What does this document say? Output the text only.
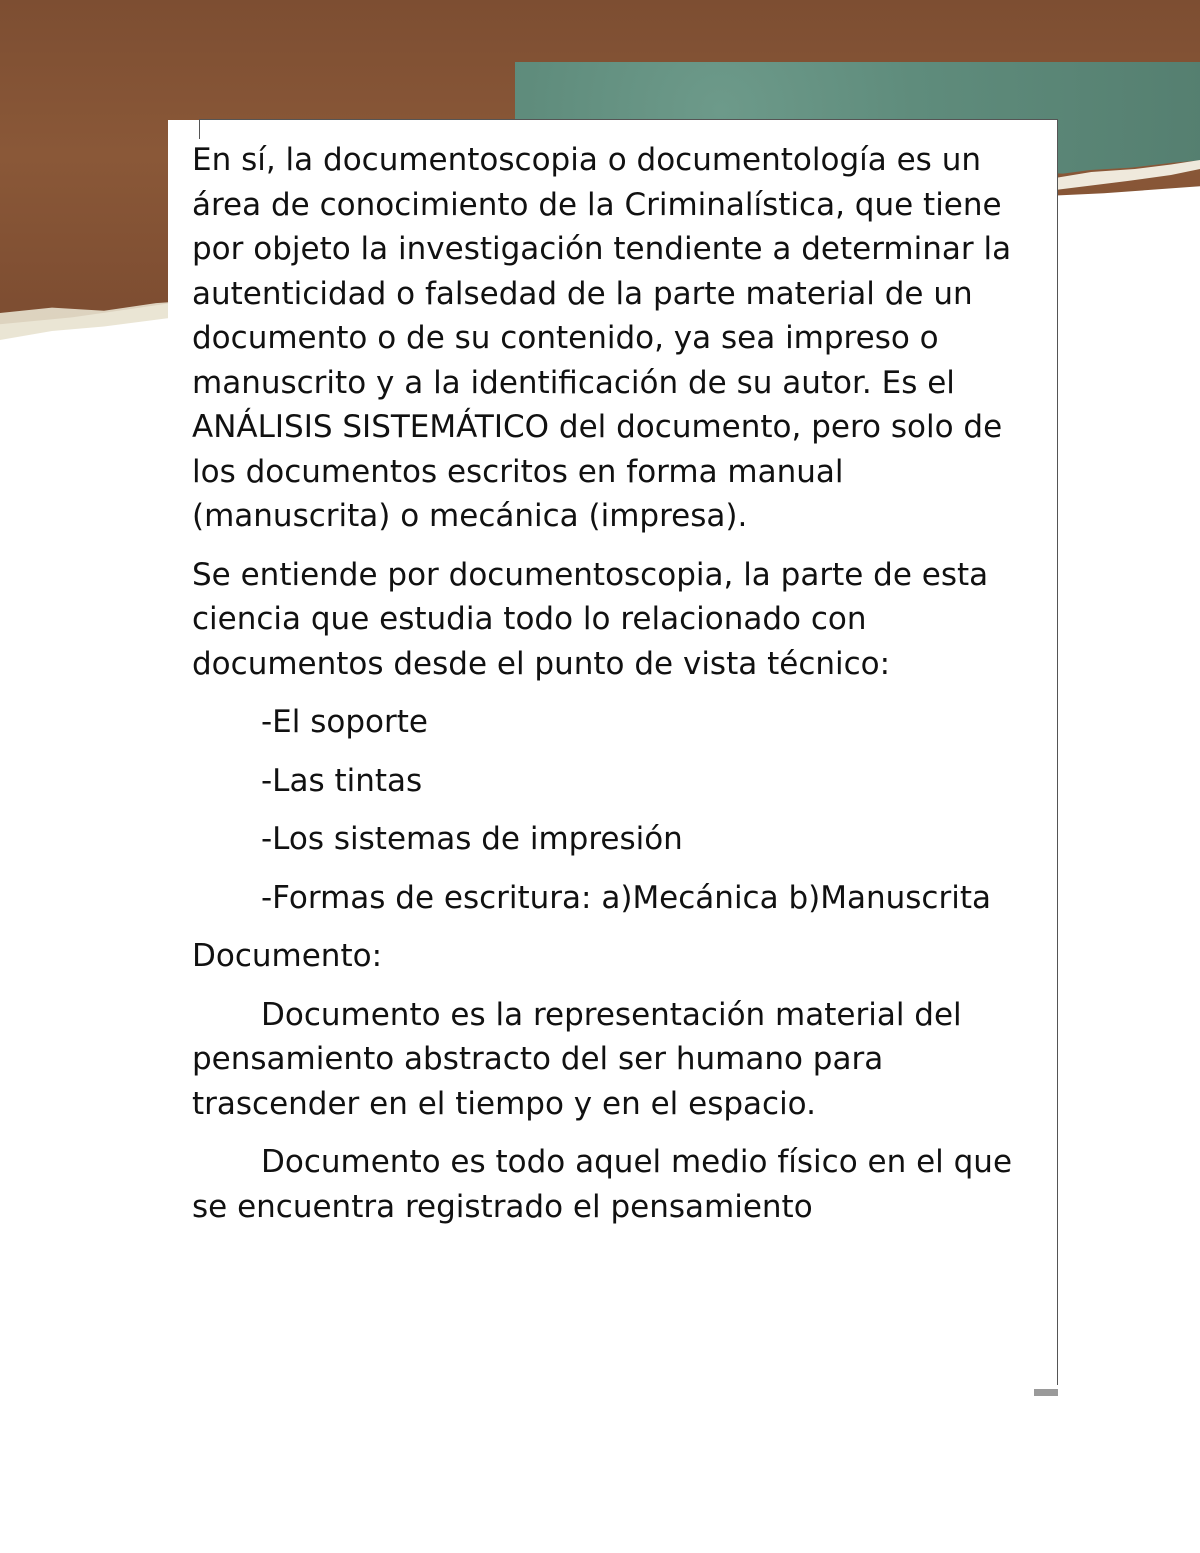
En sí, la documentoscopia o documentología es un área de conocimiento de la Criminalística, que tiene por objeto la investigación tendiente a determinar la autenticidad o falsedad de la parte material de un documento o de su contenido, ya sea impreso o manuscrito y a la identificación de su autor. Es el ANÁLISIS SISTEMÁTICO del documento, pero solo de los documentos escritos en forma manual (manuscrita) o mecánica (impresa).

Se entiende por documentoscopia, la parte de esta ciencia que estudia todo lo relacionado con documentos desde el punto de vista técnico:

-El soporte

-Las tintas

-Los sistemas de impresión

-Formas de escritura: a)Mecánica b)Manuscrita

Documento:

Documento es la representación material del pensamiento abstracto del ser humano para trascender en el tiempo y en el espacio.

Documento es todo aquel medio físico en el que se encuentra registrado el pensamiento
